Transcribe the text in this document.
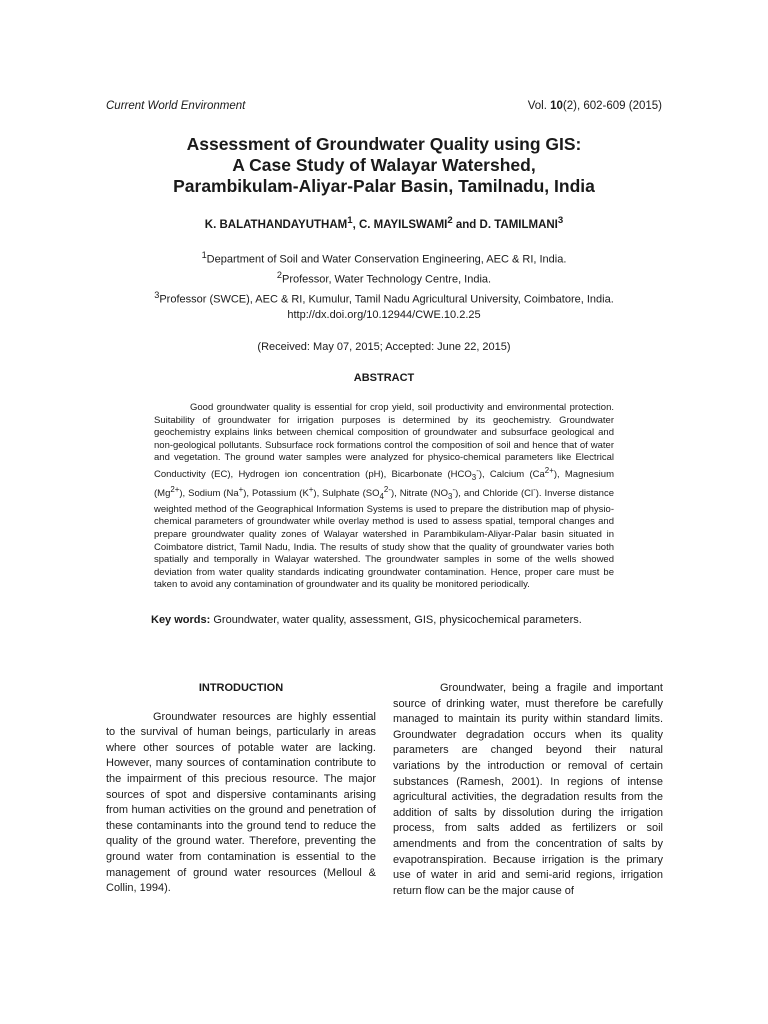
Current World Environment	Vol. 10(2), 602-609 (2015)
Assessment of Groundwater Quality using GIS:
A Case Study of Walayar Watershed,
Parambikulam-Aliyar-Palar Basin, Tamilnadu, India
K. BALATHANDAYUTHAM$^1$, C. MAYILSWAMI$^2$ and D. TAMILMANI$^3$
$^1$Department of Soil and Water Conservation Engineering, AEC & RI, India.
$^2$Professor, Water Technology Centre, India.
$^3$Professor (SWCE), AEC & RI, Kumulur, Tamil Nadu Agricultural University, Coimbatore, India.
http://dx.doi.org/10.12944/CWE.10.2.25
(Received: May 07, 2015; Accepted: June 22, 2015)
ABSTRACT
Good groundwater quality is essential for crop yield, soil productivity and environmental protection. Suitability of groundwater for irrigation purposes is determined by its geochemistry. Groundwater geochemistry explains links between chemical composition of groundwater and subsurface geological and non-geological pollutants. Subsurface rock formations control the composition of soil and hence that of water and vegetation. The ground water samples were analyzed for physico-chemical parameters like Electrical Conductivity (EC), Hydrogen ion concentration (pH), Bicarbonate $(HCO_3^-)$, Calcium $(Ca^{2+})$, Magnesium $(Mg^{2+})$, Sodium (Na+), Potassium (K+), Sulphate $(SO_4^{2-})$, Nitrate $(NO_3^-)$, and Chloride (Cl-). Inverse distance weighted method of the Geographical Information Systems is used to prepare the distribution map of physio-chemical parameters of groundwater while overlay method is used to assess spatial, temporal changes and prepare groundwater quality zones of Walayar watershed in Parambikulam-Aliyar-Palar basin situated in Coimbatore district, Tamil Nadu, India. The results of study show that the quality of groundwater varies both spatially and temporally in Walayar watershed. The groundwater samples in some of the wells showed deviation from water quality standards indicating groundwater contamination. Hence, proper care must be taken to avoid any contamination of groundwater and its quality be monitored periodically.
Key words: Groundwater, water quality, assessment, GIS, physicochemical parameters.
INTRODUCTION

Groundwater resources are highly essential to the survival of human beings, particularly in areas where other sources of potable water are lacking. However, many sources of contamination contribute to the impairment of this precious resource. The major sources of spot and dispersive contaminants arising from human activities on the ground and penetration of these contaminants into the ground tend to reduce the quality of the ground water. Therefore, preventing the ground water from contamination is essential to the management of ground water resources (Melloul & Collin, 1994).

Groundwater, being a fragile and important source of drinking water, must therefore be carefully managed to maintain its purity within standard limits. Groundwater degradation occurs when its quality parameters are changed beyond their natural variations by the introduction or removal of certain substances (Ramesh, 2001). In regions of intense agricultural activities, the degradation results from the addition of salts by dissolution during the irrigation process, from salts added as fertilizers or soil amendments and from the concentration of salts by evapotranspiration. Because irrigation is the primary use of water in arid and semi-arid regions, irrigation return flow can be the major cause of
